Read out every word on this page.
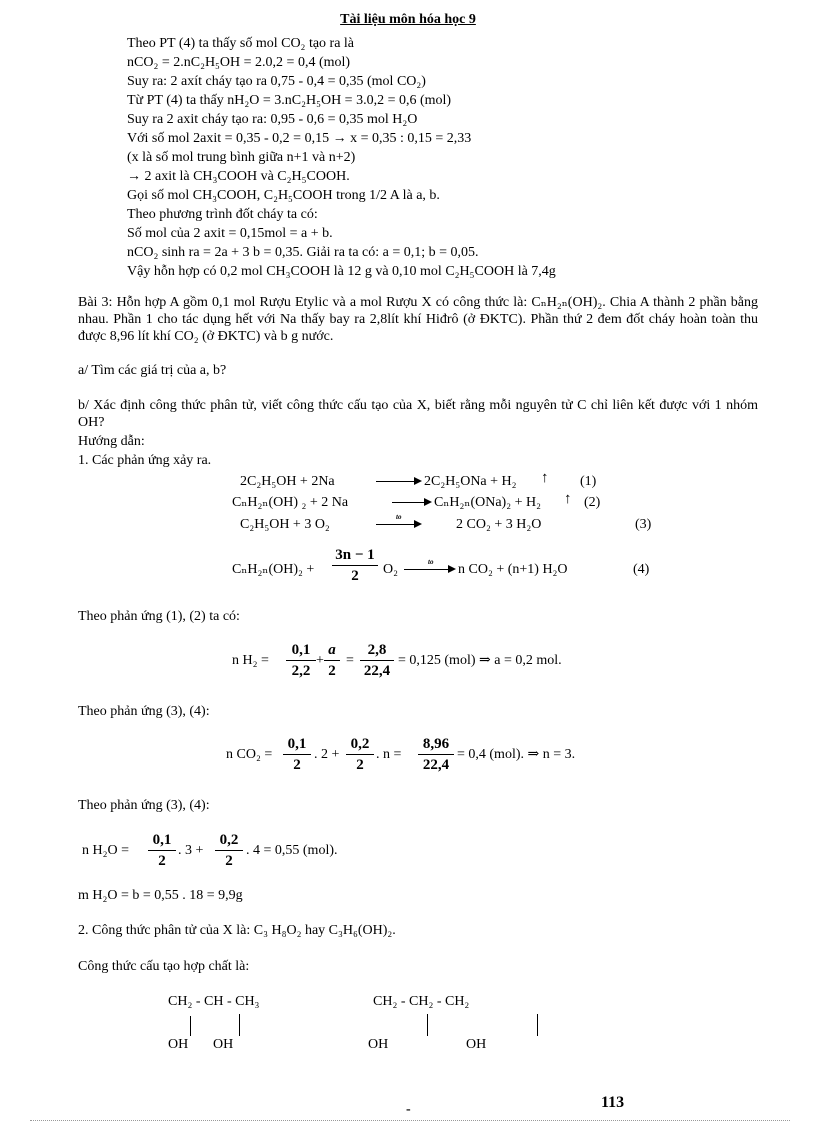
Tài liệu môn hóa học 9
Theo PT (4) ta thấy số mol CO₂ tạo ra là
nCO₂ = 2.nC₂H₅OH = 2.0,2 = 0,4 (mol)
Suy ra: 2 axít cháy tạo ra 0,75 - 0,4 = 0,35 (mol CO₂)
Từ PT (4) ta thấy nH₂O = 3.nC₂H₅OH = 3.0,2 = 0,6 (mol)
Suy ra 2 axit cháy tạo ra: 0,95 - 0,6 = 0,35 mol H₂O
Với số mol 2axit = 0,35 - 0,2 = 0,15 → x = 0,35 : 0,15 = 2,33
(x là số mol trung bình giữa n+1 và n+2)
→ 2 axit là CH₃COOH và C₂H₅COOH.
Gọi số mol CH₃COOH, C₂H₅COOH trong 1/2 A là a, b.
Theo phương trình đốt cháy ta có:
Số mol của 2 axit = 0,15mol = a + b.
nCO₂ sinh ra = 2a + 3 b = 0,35. Giải ra ta có: a = 0,1; b = 0,05.
Vậy hỗn hợp có 0,2 mol CH₃COOH là 12 g và 0,10 mol C₂H₅COOH là 7,4g
Bài 3: Hỗn hợp A gồm 0,1 mol Rượu Etylic và a mol Rượu X có công thức là: CₙH₂ₙ(OH)₂. Chia A thành 2 phần bằng nhau. Phần 1 cho tác dụng hết với Na thấy bay ra 2,8lít khí Hiđrô (ở ĐKTC). Phần thứ 2 đem đốt cháy hoàn toàn thu được 8,96 lít khí CO₂ (ở ĐKTC) và b g nước.
a/ Tìm các giá trị của a, b?
b/ Xác định công thức phân tử, viết công thức cấu tạo của X, biết rằng mỗi nguyên tử C chỉ liên kết được với 1 nhóm OH?
Hướng dẫn:
1. Các phản ứng xảy ra.
2C₂H₅OH + 2Na	2C₂H₅ONa + H₂ ↑ (1)
CₙH₂ₙ(OH) ₂ + 2 Na	CₙH₂ₙ(ONa)₂ + H₂ ↑ (2)
C₂H₅OH + 3 O₂	to	2 CO₂ + 3 H₂O	(3)
$C_nH_{2n}(OH)_2 + \frac{3n - 1}{2} O_2$	to n CO₂ + (n+1) H₂O	(4)
Theo phản ứng (1), (2) ta có:
n $H_2 = \frac{0,1}{2,2} + \frac{a}{2} = \frac{2,8}{22,4} = 0,125$ (mol) ⇒ a = 0,2 mol.
Theo phản ứng (3), (4):
n $CO_2 = \frac{0,1}{2}$ . $2 + \frac{0,2}{2}$ . $n = \frac{8,96}{22,4} = 0,4$ (mol). ⇒ n = 3.
Theo phản ứng (3), (4):
n $H_2O = \frac{0,1}{2}$ . $3 + \frac{0,2}{2}$ . 4 = 0,55 (mol).
m H₂O = b = 0,55 . 18 = 9,9g
2. Công thức phân tử của X là: C₃ H₈O₂ hay C₃H₆(OH)₂.
Công thức cấu tạo hợp chất là:
CH₂ - CH - CH₃
OH OH
CH₂ - CH₂ - CH₂
OH	OH
-	113
